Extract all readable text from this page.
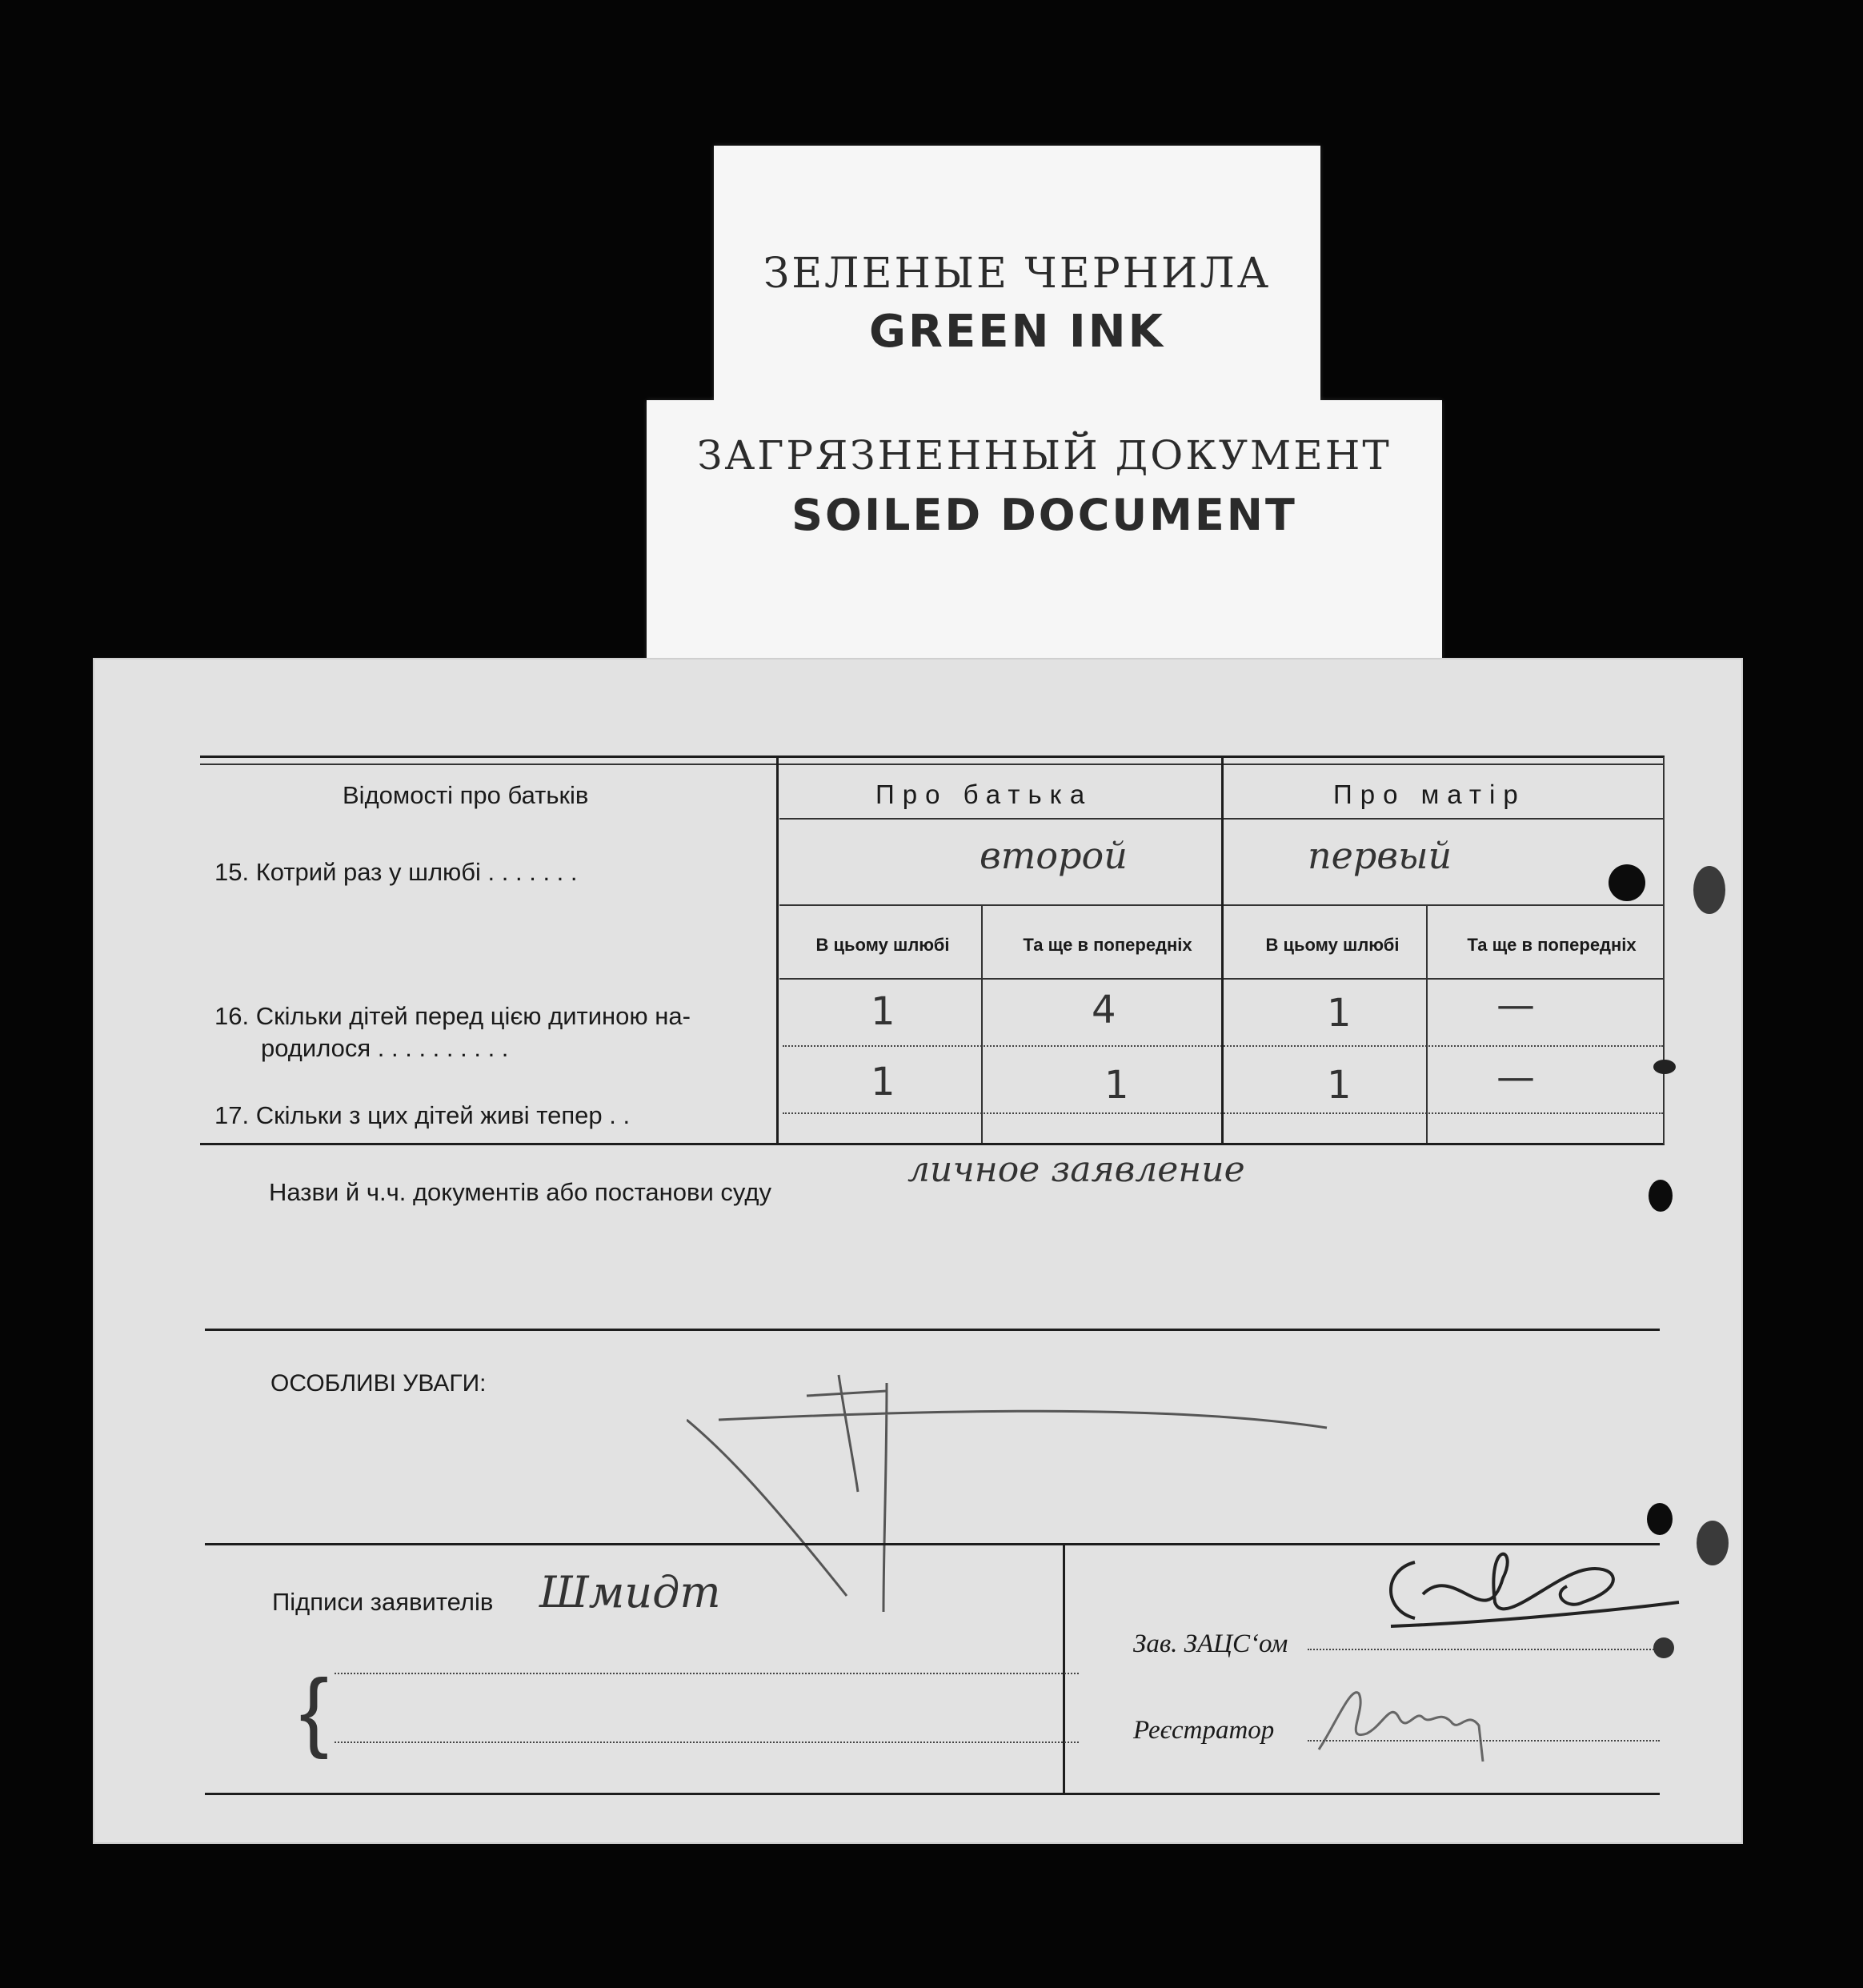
ЗЕЛЕНЫЕ ЧЕРНИЛА
GREEN INK
ЗАГРЯЗНЕННЫЙ ДОКУМЕНТ
SOILED DOCUMENT
Відомості про батьків	Про батька	Про матір
15. Котрий раз у шлюбі . . . . . . .	второй	первый
В цьому шлюбі	Та ще в попередніх	В цьому шлюбі	Та ще в попередніх
16. Скільки дітей перед цією дитиною на-
родилося . . . . . . . . . .
1	4	1	—
17. Скільки з цих дітей живі тепер . .
1	1	1	—
Назви й ч.ч. документів або постанови суду
личное заявление
ОСОБЛИВІ УВАГИ:
Підписи заявителів Шмидт
{
Зав. ЗАЦС‘ом
Реєстратор
